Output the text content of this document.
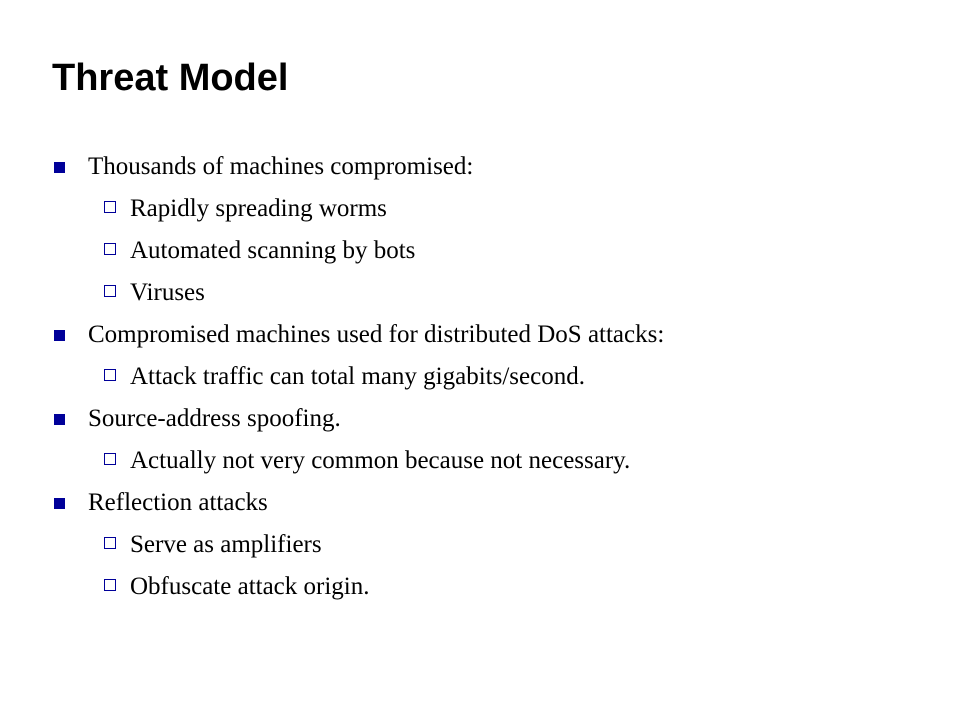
Threat Model
Thousands of machines compromised:
Rapidly spreading worms
Automated scanning by bots
Viruses
Compromised machines used for distributed DoS attacks:
Attack traffic can total many gigabits/second.
Source-address spoofing.
Actually not very common because not necessary.
Reflection attacks
Serve as amplifiers
Obfuscate attack origin.
